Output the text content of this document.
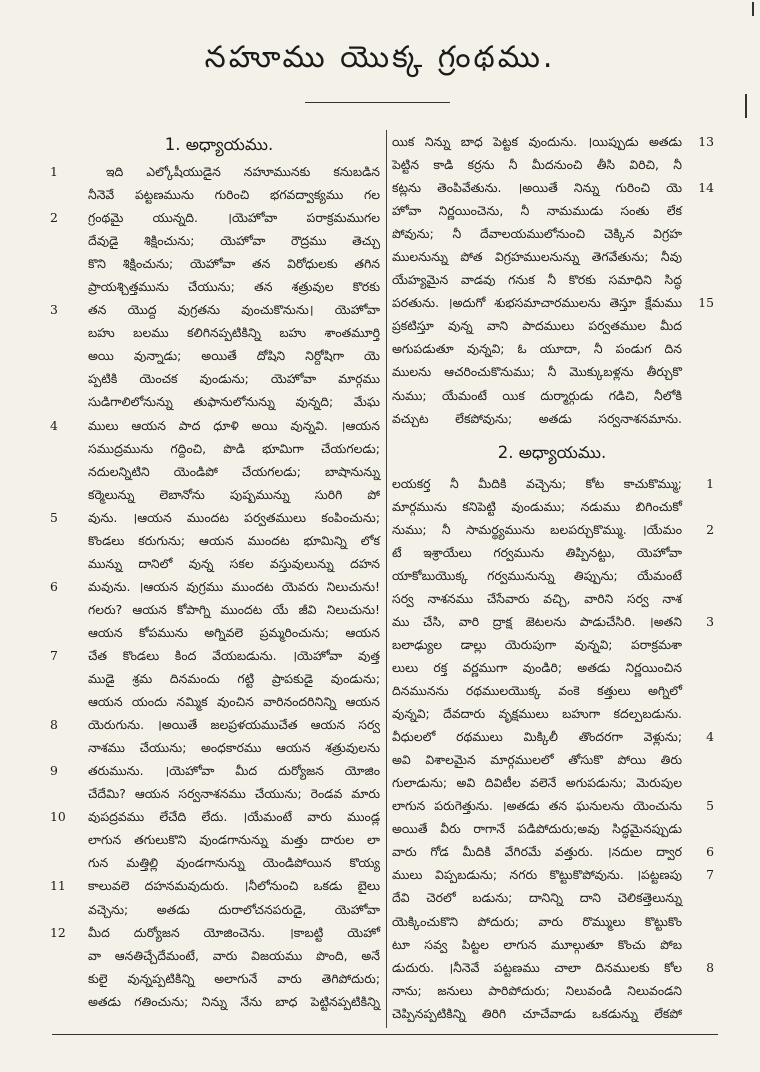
నహూము యొక్క గ్రంథము.
1. అధ్యాయము.
1	ఇది ఎల్కోషీయుడైన నహూమునకు కనుబడిన
నీనెవే పట్టణమును గురించి భగవద్వాక్యము గల
2 గ్రంథమై యున్నది. ।యెహోవా పరాక్రమముగల
దేవుడై శిక్షించును; యెహోవా రౌద్రము తెచ్చు
కొని శిక్షించును; యెహోవా తన విరోధులకు తగిన
ప్రాయశ్చిత్తమును చేయును; తన శత్రువుల కొరకు
3 తన యొద్ద వుగ్రతను వుంచుకొనును। యెహోవా
బహు బలము కలిగినప్పటికిన్ని బహు శాంతమూర్తి
అయి వున్నాడు; అయితే దోషిని నిర్దోషిగా యె
ప్పటికి యెంచక వుండును; యెహోవా మార్గము
సుడిగాలిలోనున్ను తుఫానులోనున్ను వున్నది; మేఘ
4 ములు ఆయన పాద ధూళి అయి వున్నవి. ।ఆయన
సముద్రమును గద్దించి, పొడి భూమిగా చేయగలడు;
నదులన్నిటిని యెండిపో చేయగలడు; బాషానున్ను
కర్మెలున్ను లెబానోను పుష్పమున్ను సురిగి పో
5 వును. ।ఆయన ముందట పర్వతములు కంపించును;
కొండలు కరుగును; ఆయన ముందట భూమిన్ని లోక
మున్ను దానిలో వున్న సకల వస్తువులున్ను దహన
6 మవును. ।ఆయన వుగ్రము ముందట యెవరు నిలుచును!
గలరు? ఆయన కోపాగ్ని ముందట యే జీవి నిలుచును!
ఆయన కోపమును అగ్నివలె ప్రమ్మరించును; ఆయన
7 చేత కొండలు కింద వేయబడును. ।యెహోవా వుత్త
ముడై శ్రమ దినమందు గట్టి ప్రాపకుడై వుండును;
ఆయన యందు నమ్మిక వుంచిన వారినందరినిన్ని ఆయన
8 యెరుగును. ।అయితే జలప్రళయముచేత ఆయన సర్వ
నాశము చేయును; అంధకారము ఆయన శత్రువులను
9 తరుమును. ।యెహోవా మీద దుర్యోజన యోజిం
చేదేమి? ఆయన సర్వనాశనము చేయును; రెండవ మారు
10 వుపద్రవము లేచేది లేదు. ।యేమంటే వారు ముండ్ల
లాగున తగులుకొని వుండగానున్ను మత్తు దారుల లా
గున మత్తిల్లి వుండగానున్ను యెండిపోయిన కొయ్య
11 కాలువలె దహనమవుదురు. ।నీలోనుంచి ఒకడు బైలు
వచ్చెను; అతడు దురాలోచనపరుడై, యెహోవా
12 మీద దుర్యోజన యోజించెను. ।కాబట్టి యెహో
వా ఆనతిచ్చేదేమంటే, వారు విజయము పొంది, అనే
కులై వున్నప్పటికిన్ని అలాగునే వారు తెగిపోదురు;
అతడు గతించును; నిన్ను నేను బాధ పెట్టినప్పటికిన్ని
13
యిక నిన్ను బాధ పెట్టక వుందును. ।యిప్పుడు అతడు
పెట్టిన కాడి కర్రను నీ మీదనుంచి తీసి విరిచి, నీ
14
కట్లను తెంపివేతును. ।అయితే నిన్ను గురించి యె
హోవా నిర్ణయించెను, నీ నామముడు సంతు లేక
పోవును; నీ దేవాలయములోనుంచి చెక్కిన విగ్రహ
ములనున్ను పోత విగ్రహములనున్ను తెగవేతును; నీవు
యేహ్యమైన వాడవు గనుక నీ కొరకు సమాధిని సిద్ధ
15
పరతును. ।అదుగో శుభసమాచారములను తెస్తూ క్షేమము
ప్రకటిస్తూ వున్న వాని పాదములు పర్వతముల మీద
అగుపడుతూ వున్నవి; ఓ యూదా, నీ పండుగ దిన
ములను ఆచరించుకొనుము; నీ మొక్కుబళ్లను తీర్చుకొ
నుము; యేమంటే యిక దుర్మార్గుడు గడిచి, నీలోకి
వచ్చుట లేకపోవును; అతడు సర్వనాశనమాను.
2. అధ్యాయము.
1
లయకర్త నీ మీదికి వచ్చెను; కోట కాచుకొమ్ము;
మార్గమును కనిపెట్టి వుండుము; నడుము బిగించుకో
2
నుము; నీ సామర్థ్యమును బలపర్చుకొమ్ము. ।యేమం
టే ఇశ్రాయేలు గర్వమును తిప్పినట్టు, యెహోవా
యాకోబుయొక్క గర్వమునున్ను తిప్పును; యేమంటే
సర్వ నాశనము చేసేవారు వచ్చి, వారిని సర్వ నాశ
3
ము చేసి, వారి ద్రాక్ష జెటలను పాడుచేసిరి. ।అతని
బలాఢ్యుల డాల్లు యెరుపుగా వున్నవి; పరాక్రమశా
లులు రక్త వర్ణముగా వుండిరి; అతడు నిర్ణయించిన
దినమునను రథములయొక్క వంకె కత్తులు అగ్నిలో
వున్నవి; దేవదారు వృక్షములు బహుగా కదల్పబడును.
4
వీధులలో రథములు మిక్కిలీ తొందరగా వెళ్లును;
అవి విశాలమైన మార్గములలో తోసుకొ పోయి తిరు
గులాడును; అవి దివిటీల వలెనే అగుపడును; మెరుపుల
5
లాగున పరుగెత్తును. ।అతడు తన ఘనులను యెంచును
అయితే వీరు రాగానే పడిపోదురు;అవు సిద్ధమైనప్పుడు
6
వారు గోడ మీదికి వేగిరమే వత్తురు. ।నదుల ద్వార
7
ములు విప్పబడును; నగరు కొట్టుకొపోవును. ।పట్టణపు
దేవి చెరలో బడును; దానిన్ని దాని చెలికత్తెలున్ను
యెక్కించుకొని పోదురు; వారు రొమ్ములు కొట్టుకొం
టూ సవ్వ పిట్టల లాగున మూల్గుతూ కొంచు పోబ
8
డుదురు. ।నీనెవే పట్టణము చాలా దినములకు కోల
నాను; జనులు పారిపోదురు; నిలువండి నిలువండని
చెప్పినప్పటికిన్ని తిరిగి చూచేవాడు ఒకడున్ను లేకపో
